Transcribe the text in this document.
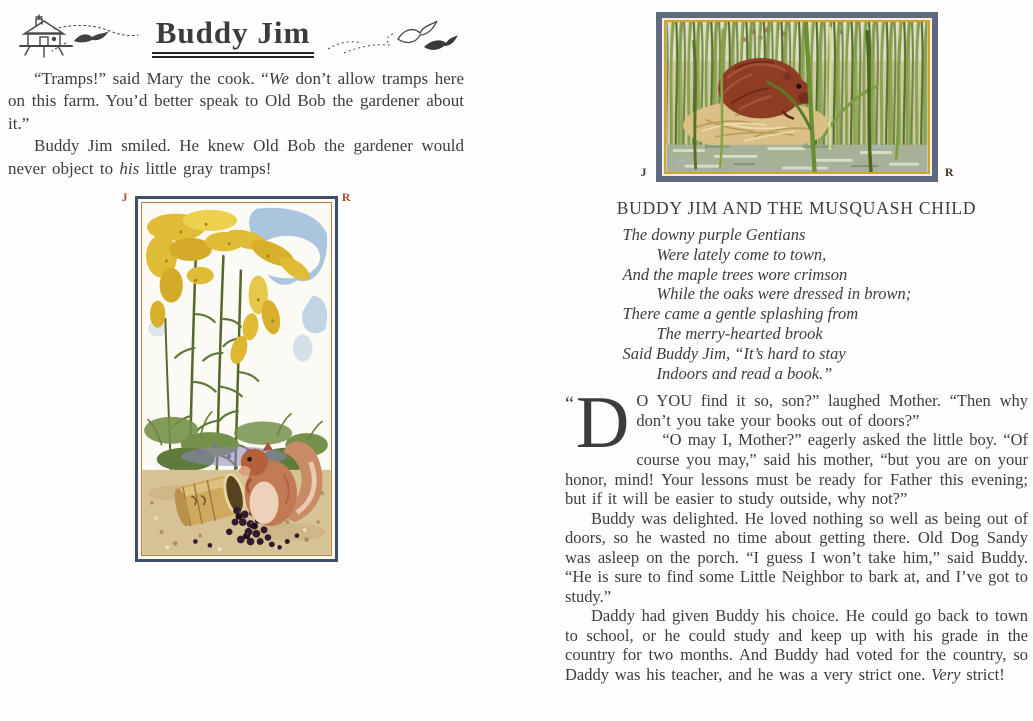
Buddy Jim

“Tramps!” said Mary the cook. “We don’t allow tramps here on this farm. You’d better speak to Old Bob the gardener about it.”

Buddy Jim smiled. He knew Old Bob the gardener would never object to his little gray tramps!

J	R
J	R
BUDDY JIM AND THE MUSQUASH CHILD
The downy purple Gentians
Were lately come to town,
And the maple trees wore crimson
While the oaks were dressed in brown;
There came a gentle splashing from
The merry-hearted brook
Said Buddy Jim, “It’s hard to stay
Indoors and read a book.”

“ D O YOU find it so, son?” laughed Mother. “Then why don’t you take your books out of doors?”

“O may I, Mother?” eagerly asked the little boy. “Of course you may,” said his mother, “but you are on your honor, mind! Your lessons must be ready for Father this evening; but if it will be easier to study outside, why not?”

Buddy was delighted. He loved nothing so well as being out of doors, so he wasted no time about getting there. Old Dog Sandy was asleep on the porch. “I guess I won’t take him,” said Buddy. “He is sure to find some Little Neighbor to bark at, and I’ve got to study.”

Daddy had given Buddy his choice. He could go back to town to school, or he could study and keep up with his grade in the country for two months. And Buddy had voted for the country, so Daddy was his teacher, and he was a very strict one. Very strict!
